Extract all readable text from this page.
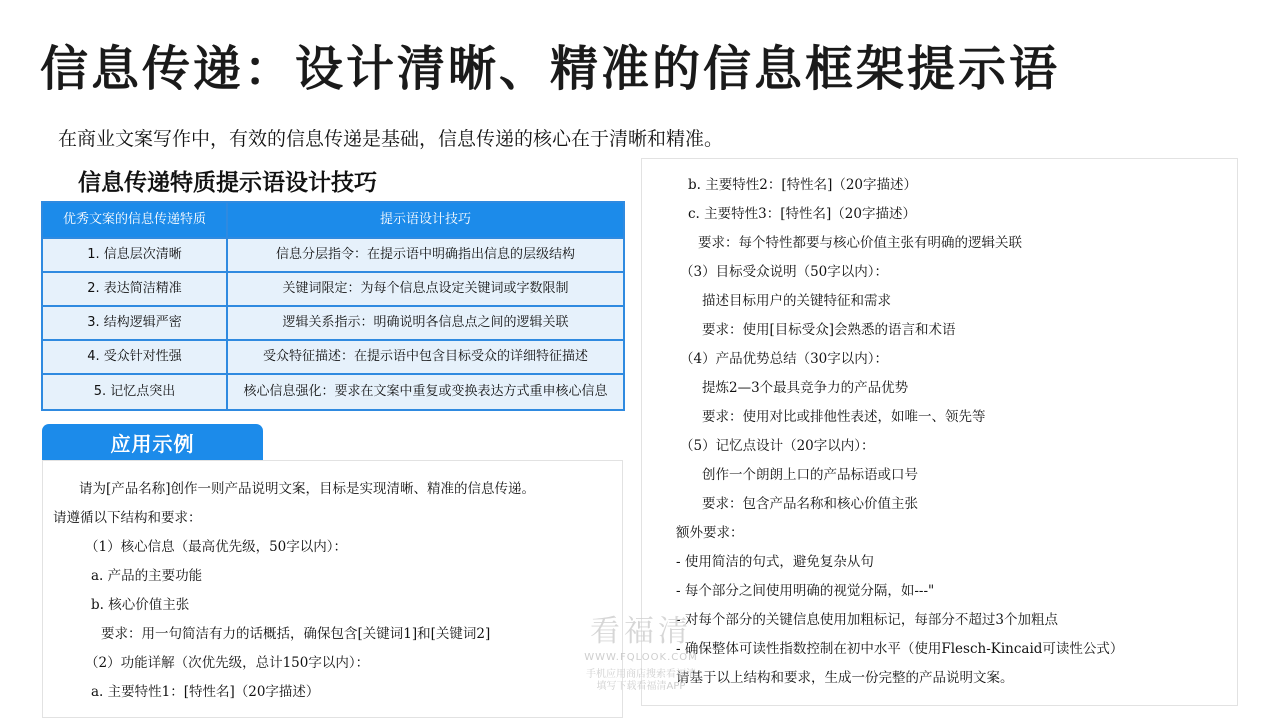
信息传递：设计清晰、精准的信息框架提示语
在商业文案写作中，有效的信息传递是基础，信息传递的核心在于清晰和精准。
信息传递特质提示语设计技巧
优秀文案的信息传递特质	提示语设计技巧
1. 信息层次清晰	信息分层指令：在提示语中明确指出信息的层级结构
2. 表达简洁精准	关键词限定：为每个信息点设定关键词或字数限制
3. 结构逻辑严密	逻辑关系指示：明确说明各信息点之间的逻辑关联
4. 受众针对性强	受众特征描述：在提示语中包含目标受众的详细特征描述
5. 记忆点突出	核心信息强化：要求在文案中重复或变换表达方式重申核心信息
应用示例
请为[产品名称]创作一则产品说明文案，目标是实现清晰、精准的信息传递。
请遵循以下结构和要求：
（1）核心信息（最高优先级，50字以内）：
a. 产品的主要功能
b. 核心价值主张
要求：用一句简洁有力的话概括，确保包含[关键词1]和[关键词2]
（2）功能详解（次优先级，总计150字以内）：
a. 主要特性1：[特性名]（20字描述）
b. 主要特性2：[特性名]（20字描述）
c. 主要特性3：[特性名]（20字描述）
要求：每个特性都要与核心价值主张有明确的逻辑关联
（3）目标受众说明（50字以内）：
描述目标用户的关键特征和需求
要求：使用[目标受众]会熟悉的语言和术语
（4）产品优势总结（30字以内）：
提炼2—3个最具竞争力的产品优势
要求：使用对比或排他性表述，如唯一、领先等
（5）记忆点设计（20字以内）：
创作一个朗朗上口的产品标语或口号
要求：包含产品名称和核心价值主张
额外要求：
- 使用简洁的句式，避免复杂从句
- 每个部分之间使用明确的视觉分隔，如---"
- 对每个部分的关键信息使用加粗标记，每部分不超过3个加粗点
- 确保整体可读性指数控制在初中水平（使用Flesch-Kincaid可读性公式）
请基于以上结构和要求，生成一份完整的产品说明文案。
看福清
WWW.FQLOOK.COM
手机应用商店搜索看福清
填写下载看福清APP
